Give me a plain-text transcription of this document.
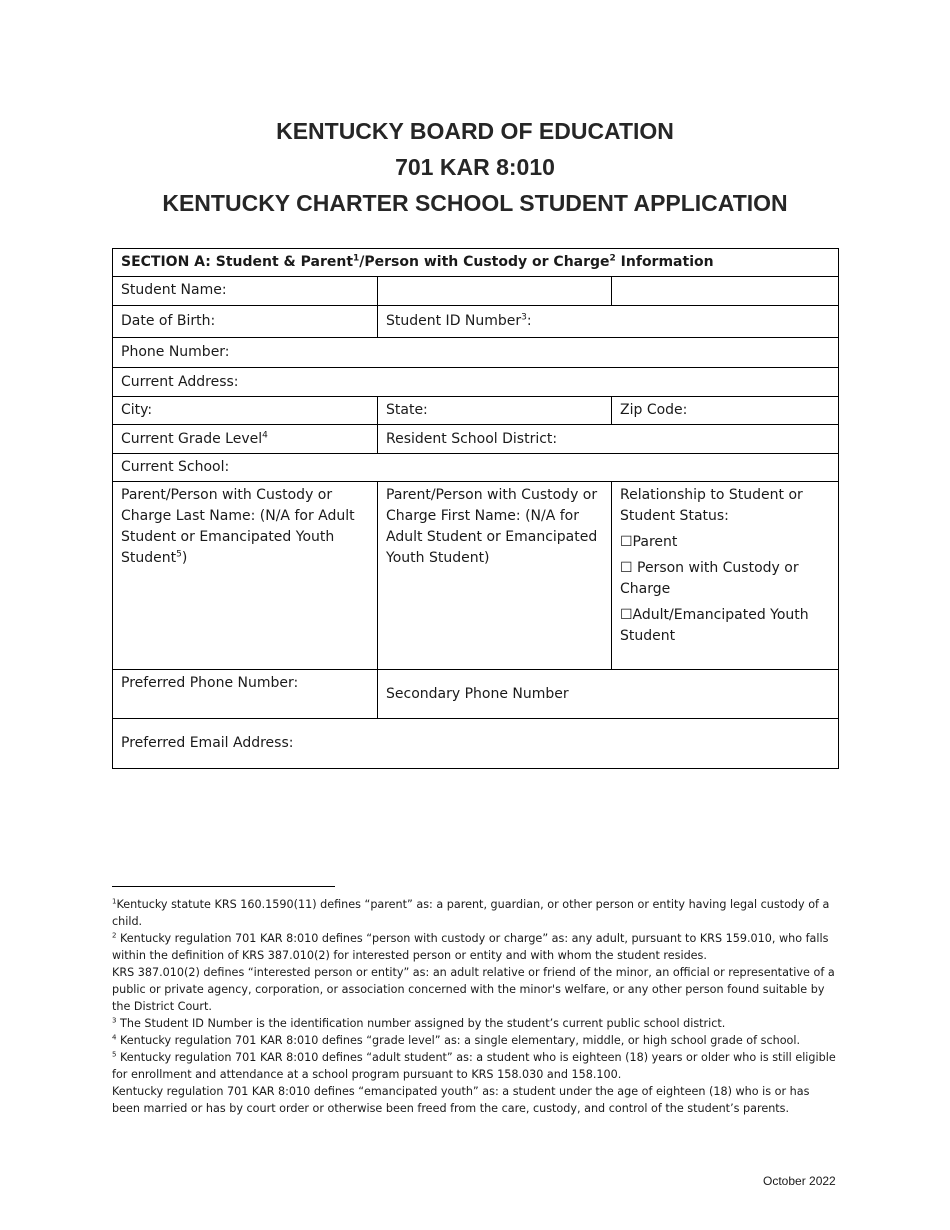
KENTUCKY BOARD OF EDUCATION
701 KAR 8:010
KENTUCKY CHARTER SCHOOL STUDENT APPLICATION
SECTION A: Student & Parent$^1$/Person with Custody or Charge$^2$ Information		
Student Name:		
Date of Birth:	Student ID Number$^3$:	
Phone Number:		
Current Address:		
City:	State:	Zip Code:
Current Grade Level$^4$	Resident School District:	
Current School:		
Parent/Person with Custody or Charge Last Name: (N/A for Adult Student or Emancipated Youth Student$^5$)	Parent/Person with Custody or Charge First Name: (N/A for Adult Student or Emancipated Youth Student)	Relationship to Student or Student Status:
☐Parent
☐ Person with Custody or Charge
☐Adult/Emancipated Youth Student

Preferred Phone Number:	Secondary Phone Number	
Preferred Email Address:		

$^1$Kentucky statute KRS 160.1590(11) defines “parent” as: a parent, guardian, or other person or entity having legal custody of a child.

$^2$ Kentucky regulation 701 KAR 8:010 defines “person with custody or charge” as: any adult, pursuant to KRS 159.010, who falls within the definition of KRS 387.010(2) for interested person or entity and with whom the student resides.

KRS 387.010(2) defines “interested person or entity” as: an adult relative or friend of the minor, an official or representative of a public or private agency, corporation, or association concerned with the minor's welfare, or any other person found suitable by the District Court.

$^3$ The Student ID Number is the identification number assigned by the student’s current public school district.

$^4$ Kentucky regulation 701 KAR 8:010 defines “grade level” as: a single elementary, middle, or high school grade of school.

$^5$ Kentucky regulation 701 KAR 8:010 defines “adult student” as: a student who is eighteen (18) years or older who is still eligible for enrollment and attendance at a school program pursuant to KRS 158.030 and 158.100.

Kentucky regulation 701 KAR 8:010 defines “emancipated youth” as: a student under the age of eighteen (18) who is or has been married or has by court order or otherwise been freed from the care, custody, and control of the student’s parents.

October 2022
